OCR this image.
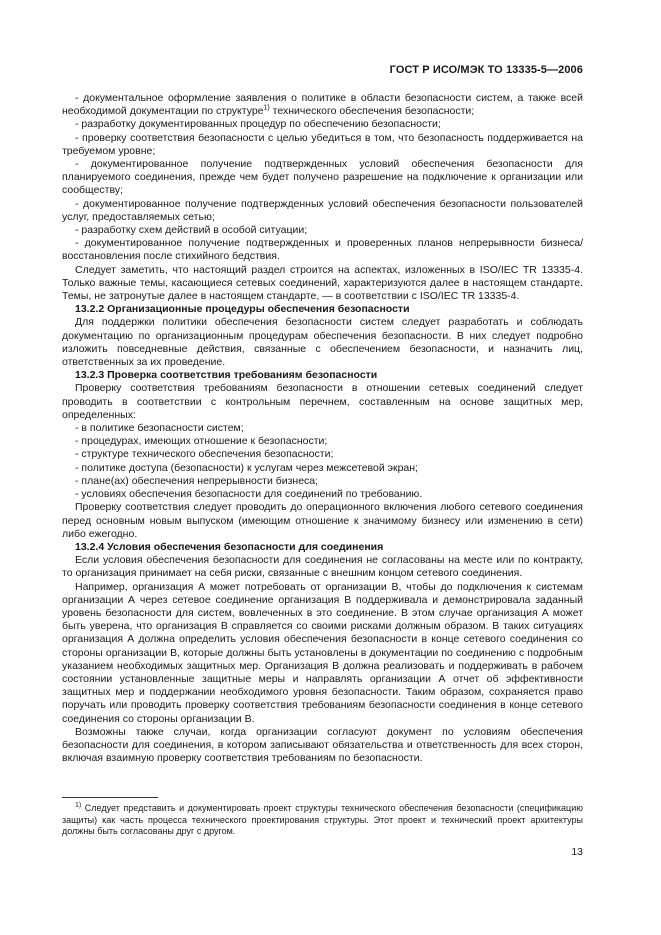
ГОСТ Р ИСО/МЭК ТО 13335-5—2006

- документальное оформление заявления о политике в области безопасности систем, а также всей необходимой документации по структуре$^{1)}$ технического обеспечения безопасности;

- разработку документированных процедур по обеспечению безопасности;

- проверку соответствия безопасности с целью убедиться в том, что безопасность поддерживается на требуемом уровне;

- документированное получение подтвержденных условий обеспечения безопасности для планируемого соединения, прежде чем будет получено разрешение на подключение к организации или сообществу;

- документированное получение подтвержденных условий обеспечения безопасности пользователей услуг, предоставляемых сетью;

- разработку схем действий в особой ситуации;

- документированное получение подтвержденных и проверенных планов непрерывности бизнеса/восстановления после стихийного бедствия.

Следует заметить, что настоящий раздел строится на аспектах, изложенных в ISO/IEC TR 13335-4. Только важные темы, касающиеся сетевых соединений, характеризуются далее в настоящем стандарте. Темы, не затронутые далее в настоящем стандарте, — в соответствии с ISO/IEC TR 13335-4.

13.2.2 Организационные процедуры обеспечения безопасности

Для поддержки политики обеспечения безопасности систем следует разработать и соблюдать документацию по организационным процедурам обеспечения безопасности. В них следует подробно изложить повседневные действия, связанные с обеспечением безопасности, и назначить лиц, ответственных за их проведение.

13.2.3 Проверка соответствия требованиям безопасности

Проверку соответствия требованиям безопасности в отношении сетевых соединений следует проводить в соответствии с контрольным перечнем, составленным на основе защитных мер, определенных:

- в политике безопасности систем;

- процедурах, имеющих отношение к безопасности;

- структуре технического обеспечения безопасности;

- политике доступа (безопасности) к услугам через межсетевой экран;

- плане(ах) обеспечения непрерывности бизнеса;

- условиях обеспечения безопасности для соединений по требованию.

Проверку соответствия следует проводить до операционного включения любого сетевого соединения перед основным новым выпуском (имеющим отношение к значимому бизнесу или изменению в сети) либо ежегодно.

13.2.4 Условия обеспечения безопасности для соединения

Если условия обеспечения безопасности для соединения не согласованы на месте или по контракту, то организация принимает на себя риски, связанные с внешним концом сетевого соединения.

Например, организация А может потребовать от организации В, чтобы до подключения к системам организации А через сетевое соединение организация В поддерживала и демонстрировала заданный уровень безопасности для систем, вовлеченных в это соединение. В этом случае организация А может быть уверена, что организация В справляется со своими рисками должным образом. В таких ситуациях организация А должна определить условия обеспечения безопасности в конце сетевого соединения со стороны организации В, которые должны быть установлены в документации по соединению с подробным указанием необходимых защитных мер. Организация В должна реализовать и поддерживать в рабочем состоянии установленные защитные меры и направлять организации А отчет об эффективности защитных мер и поддержании необходимого уровня безопасности. Таким образом, сохраняется право поручать или проводить проверку соответствия требованиям безопасности соединения в конце сетевого соединения со стороны организации В.

Возможны также случаи, когда организации согласуют документ по условиям обеспечения безопасности для соединения, в котором записывают обязательства и ответственность для всех сторон, включая взаимную проверку соответствия требованиям по безопасности.

$^{1)}$ Следует представить и документировать проект структуры технического обеспечения безопасности (спецификацию защиты) как часть процесса технического проектирования структуры. Этот проект и технический проект архитектуры должны быть согласованы друг с другом.

13
